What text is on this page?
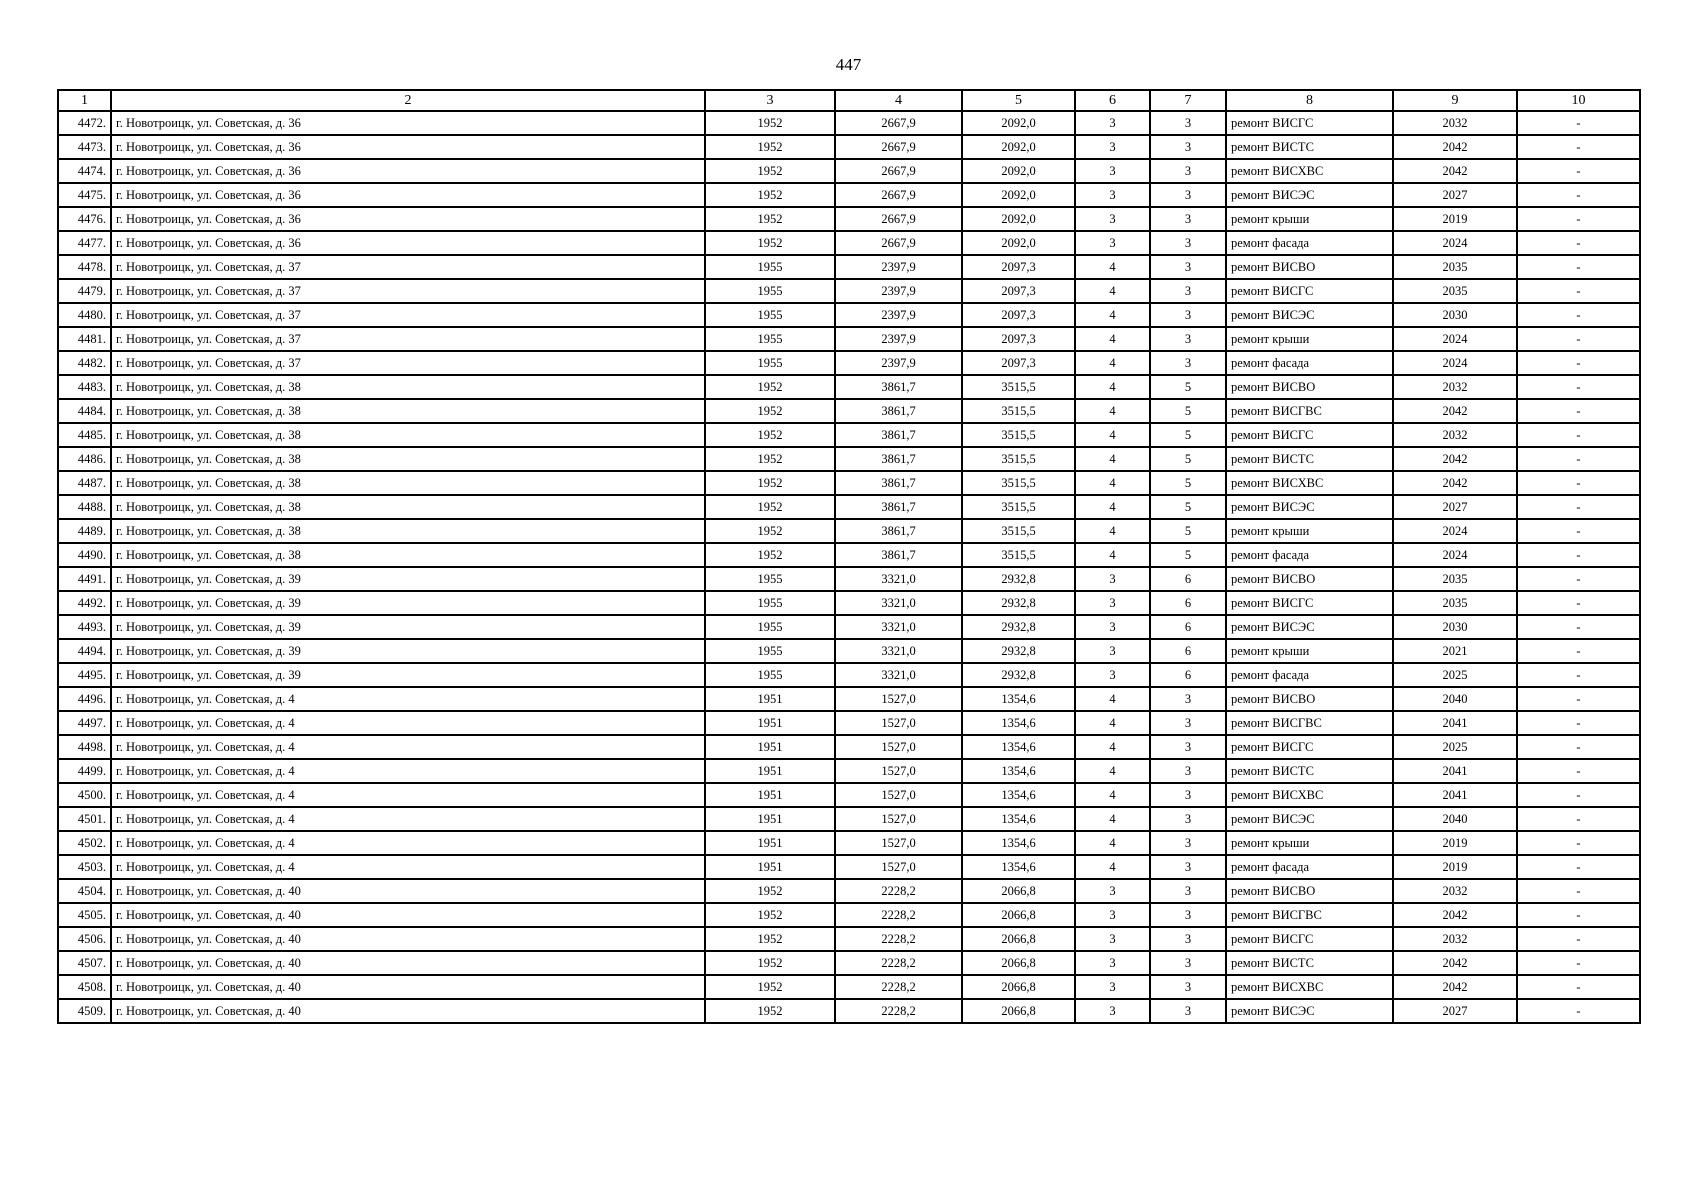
447
1	2	3	4	5	6	7	8	9	10
4472.	г. Новотроицк, ул. Советская, д. 36	1952	2667,9	2092,0	3	3	ремонт ВИСГС	2032	-
4473.	г. Новотроицк, ул. Советская, д. 36	1952	2667,9	2092,0	3	3	ремонт ВИСТС	2042	-
4474.	г. Новотроицк, ул. Советская, д. 36	1952	2667,9	2092,0	3	3	ремонт ВИСХВС	2042	-
4475.	г. Новотроицк, ул. Советская, д. 36	1952	2667,9	2092,0	3	3	ремонт ВИСЭС	2027	-
4476.	г. Новотроицк, ул. Советская, д. 36	1952	2667,9	2092,0	3	3	ремонт крыши	2019	-
4477.	г. Новотроицк, ул. Советская, д. 36	1952	2667,9	2092,0	3	3	ремонт фасада	2024	-
4478.	г. Новотроицк, ул. Советская, д. 37	1955	2397,9	2097,3	4	3	ремонт ВИСВО	2035	-
4479.	г. Новотроицк, ул. Советская, д. 37	1955	2397,9	2097,3	4	3	ремонт ВИСГС	2035	-
4480.	г. Новотроицк, ул. Советская, д. 37	1955	2397,9	2097,3	4	3	ремонт ВИСЭС	2030	-
4481.	г. Новотроицк, ул. Советская, д. 37	1955	2397,9	2097,3	4	3	ремонт крыши	2024	-
4482.	г. Новотроицк, ул. Советская, д. 37	1955	2397,9	2097,3	4	3	ремонт фасада	2024	-
4483.	г. Новотроицк, ул. Советская, д. 38	1952	3861,7	3515,5	4	5	ремонт ВИСВО	2032	-
4484.	г. Новотроицк, ул. Советская, д. 38	1952	3861,7	3515,5	4	5	ремонт ВИСГВС	2042	-
4485.	г. Новотроицк, ул. Советская, д. 38	1952	3861,7	3515,5	4	5	ремонт ВИСГС	2032	-
4486.	г. Новотроицк, ул. Советская, д. 38	1952	3861,7	3515,5	4	5	ремонт ВИСТС	2042	-
4487.	г. Новотроицк, ул. Советская, д. 38	1952	3861,7	3515,5	4	5	ремонт ВИСХВС	2042	-
4488.	г. Новотроицк, ул. Советская, д. 38	1952	3861,7	3515,5	4	5	ремонт ВИСЭС	2027	-
4489.	г. Новотроицк, ул. Советская, д. 38	1952	3861,7	3515,5	4	5	ремонт крыши	2024	-
4490.	г. Новотроицк, ул. Советская, д. 38	1952	3861,7	3515,5	4	5	ремонт фасада	2024	-
4491.	г. Новотроицк, ул. Советская, д. 39	1955	3321,0	2932,8	3	6	ремонт ВИСВО	2035	-
4492.	г. Новотроицк, ул. Советская, д. 39	1955	3321,0	2932,8	3	6	ремонт ВИСГС	2035	-
4493.	г. Новотроицк, ул. Советская, д. 39	1955	3321,0	2932,8	3	6	ремонт ВИСЭС	2030	-
4494.	г. Новотроицк, ул. Советская, д. 39	1955	3321,0	2932,8	3	6	ремонт крыши	2021	-
4495.	г. Новотроицк, ул. Советская, д. 39	1955	3321,0	2932,8	3	6	ремонт фасада	2025	-
4496.	г. Новотроицк, ул. Советская, д. 4	1951	1527,0	1354,6	4	3	ремонт ВИСВО	2040	-
4497.	г. Новотроицк, ул. Советская, д. 4	1951	1527,0	1354,6	4	3	ремонт ВИСГВС	2041	-
4498.	г. Новотроицк, ул. Советская, д. 4	1951	1527,0	1354,6	4	3	ремонт ВИСГС	2025	-
4499.	г. Новотроицк, ул. Советская, д. 4	1951	1527,0	1354,6	4	3	ремонт ВИСТС	2041	-
4500.	г. Новотроицк, ул. Советская, д. 4	1951	1527,0	1354,6	4	3	ремонт ВИСХВС	2041	-
4501.	г. Новотроицк, ул. Советская, д. 4	1951	1527,0	1354,6	4	3	ремонт ВИСЭС	2040	-
4502.	г. Новотроицк, ул. Советская, д. 4	1951	1527,0	1354,6	4	3	ремонт крыши	2019	-
4503.	г. Новотроицк, ул. Советская, д. 4	1951	1527,0	1354,6	4	3	ремонт фасада	2019	-
4504.	г. Новотроицк, ул. Советская, д. 40	1952	2228,2	2066,8	3	3	ремонт ВИСВО	2032	-
4505.	г. Новотроицк, ул. Советская, д. 40	1952	2228,2	2066,8	3	3	ремонт ВИСГВС	2042	-
4506.	г. Новотроицк, ул. Советская, д. 40	1952	2228,2	2066,8	3	3	ремонт ВИСГС	2032	-
4507.	г. Новотроицк, ул. Советская, д. 40	1952	2228,2	2066,8	3	3	ремонт ВИСТС	2042	-
4508.	г. Новотроицк, ул. Советская, д. 40	1952	2228,2	2066,8	3	3	ремонт ВИСХВС	2042	-
4509.	г. Новотроицк, ул. Советская, д. 40	1952	2228,2	2066,8	3	3	ремонт ВИСЭС	2027	-
